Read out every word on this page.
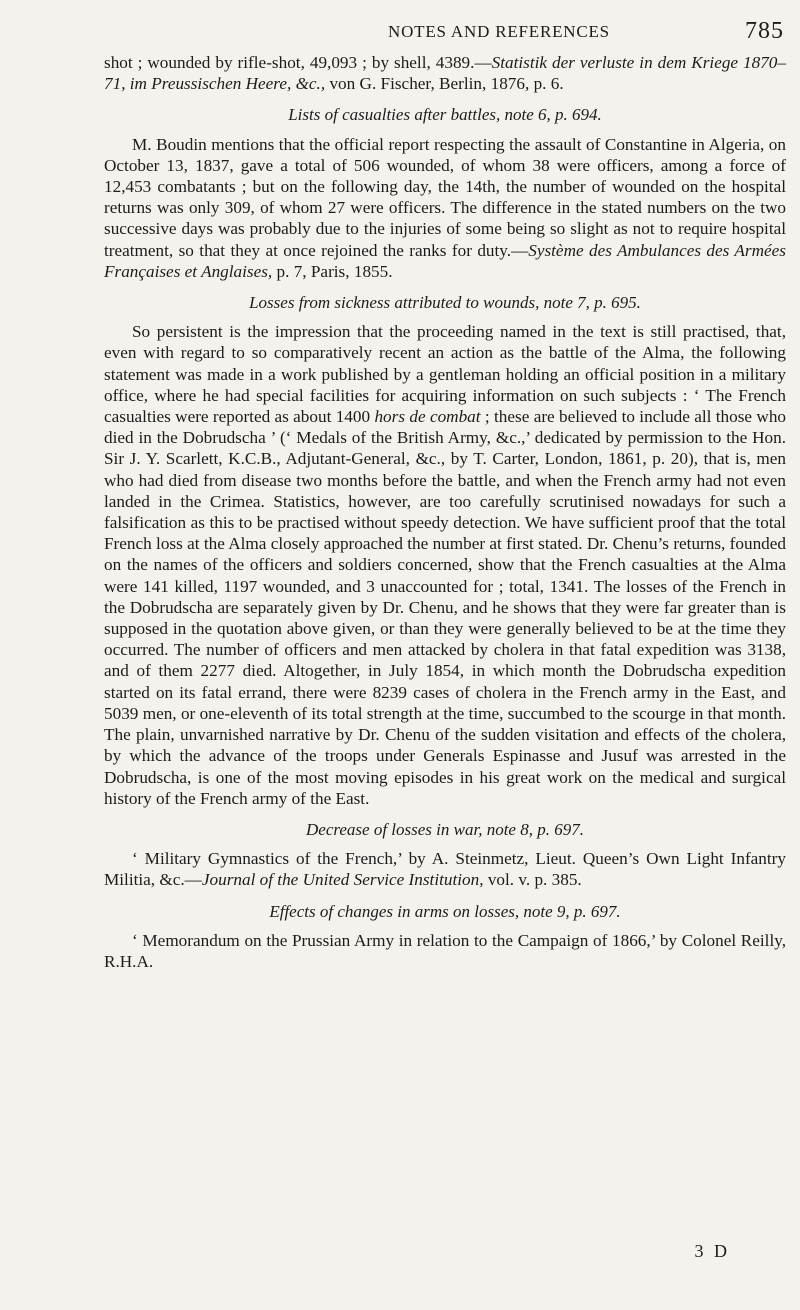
NOTES AND REFERENCES	785

shot ; wounded by rifle-shot, 49,093 ; by shell, 4389.—Statistik der verluste in dem Kriege 1870–71, im Preussischen Heere, &c., von G. Fischer, Berlin, 1876, p. 6.

Lists of casualties after battles, note 6, p. 694.

M. Boudin mentions that the official report respecting the assault of Constantine in Algeria, on October 13, 1837, gave a total of 506 wounded, of whom 38 were officers, among a force of 12,453 combatants ; but on the following day, the 14th, the number of wounded on the hospital returns was only 309, of whom 27 were officers. The difference in the stated numbers on the two successive days was probably due to the injuries of some being so slight as not to require hospital treatment, so that they at once rejoined the ranks for duty.—Système des Ambulances des Armées Françaises et Anglaises, p. 7, Paris, 1855.

Losses from sickness attributed to wounds, note 7, p. 695.

So persistent is the impression that the proceeding named in the text is still practised, that, even with regard to so comparatively recent an action as the battle of the Alma, the following statement was made in a work published by a gentleman holding an official position in a military office, where he had special facilities for acquiring information on such subjects : ‘ The French casualties were reported as about 1400 hors de combat ; these are believed to include all those who died in the Dobrudscha ’ (‘ Medals of the British Army, &c.,’ dedicated by permission to the Hon. Sir J. Y. Scarlett, K.C.B., Adjutant-General, &c., by T. Carter, London, 1861, p. 20), that is, men who had died from disease two months before the battle, and when the French army had not even landed in the Crimea. Statistics, however, are too carefully scrutinised nowadays for such a falsification as this to be practised without speedy detection. We have sufficient proof that the total French loss at the Alma closely approached the number at first stated. Dr. Chenu’s returns, founded on the names of the officers and soldiers concerned, show that the French casualties at the Alma were 141 killed, 1197 wounded, and 3 unaccounted for ; total, 1341. The losses of the French in the Dobrudscha are separately given by Dr. Chenu, and he shows that they were far greater than is supposed in the quotation above given, or than they were generally believed to be at the time they occurred. The number of officers and men attacked by cholera in that fatal expedition was 3138, and of them 2277 died. Altogether, in July 1854, in which month the Dobrudscha expedition started on its fatal errand, there were 8239 cases of cholera in the French army in the East, and 5039 men, or one-eleventh of its total strength at the time, succumbed to the scourge in that month. The plain, unvarnished narrative by Dr. Chenu of the sudden visitation and effects of the cholera, by which the advance of the troops under Generals Espinasse and Jusuf was arrested in the Dobrudscha, is one of the most moving episodes in his great work on the medical and surgical history of the French army of the East.

Decrease of losses in war, note 8, p. 697.

‘ Military Gymnastics of the French,’ by A. Steinmetz, Lieut. Queen’s Own Light Infantry Militia, &c.—Journal of the United Service Institution, vol. v. p. 385.

Effects of changes in arms on losses, note 9, p. 697.

‘ Memorandum on the Prussian Army in relation to the Campaign of 1866,’ by Colonel Reilly, R.H.A.

3 D
